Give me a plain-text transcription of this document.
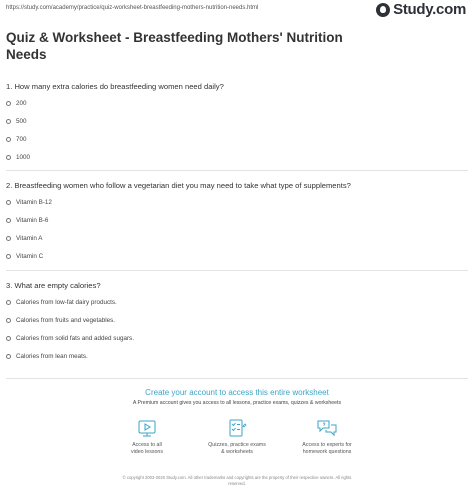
https://study.com/academy/practice/quiz-worksheet-breastfeeding-mothers-nutrition-needs.html	Study.com
Quiz & Worksheet - Breastfeeding Mothers' Nutrition Needs
1. How many extra calories do breastfeeding women need daily?
200
500
700
1000
2. Breastfeeding women who follow a vegetarian diet you may need to take what type of supplements?
Vitamin B-12
Vitamin B-6
Vitamin A
Vitamin C
3. What are empty calories?
Calories from low-fat dairy products.
Calories from fruits and vegetables.
Calories from solid fats and added sugars.
Calories from lean meats.
Create your account to access this entire worksheet
A Premium account gives you access to all lessons, practice exams, quizzes & worksheets
Access to all
video lessons
Quizzes, practice exams
& worksheets
Access to experts for
homework questions
© copyright 2003-2020 Study.com. All other trademarks and copyrights are the property of their respective owners. All rights
reserved.
